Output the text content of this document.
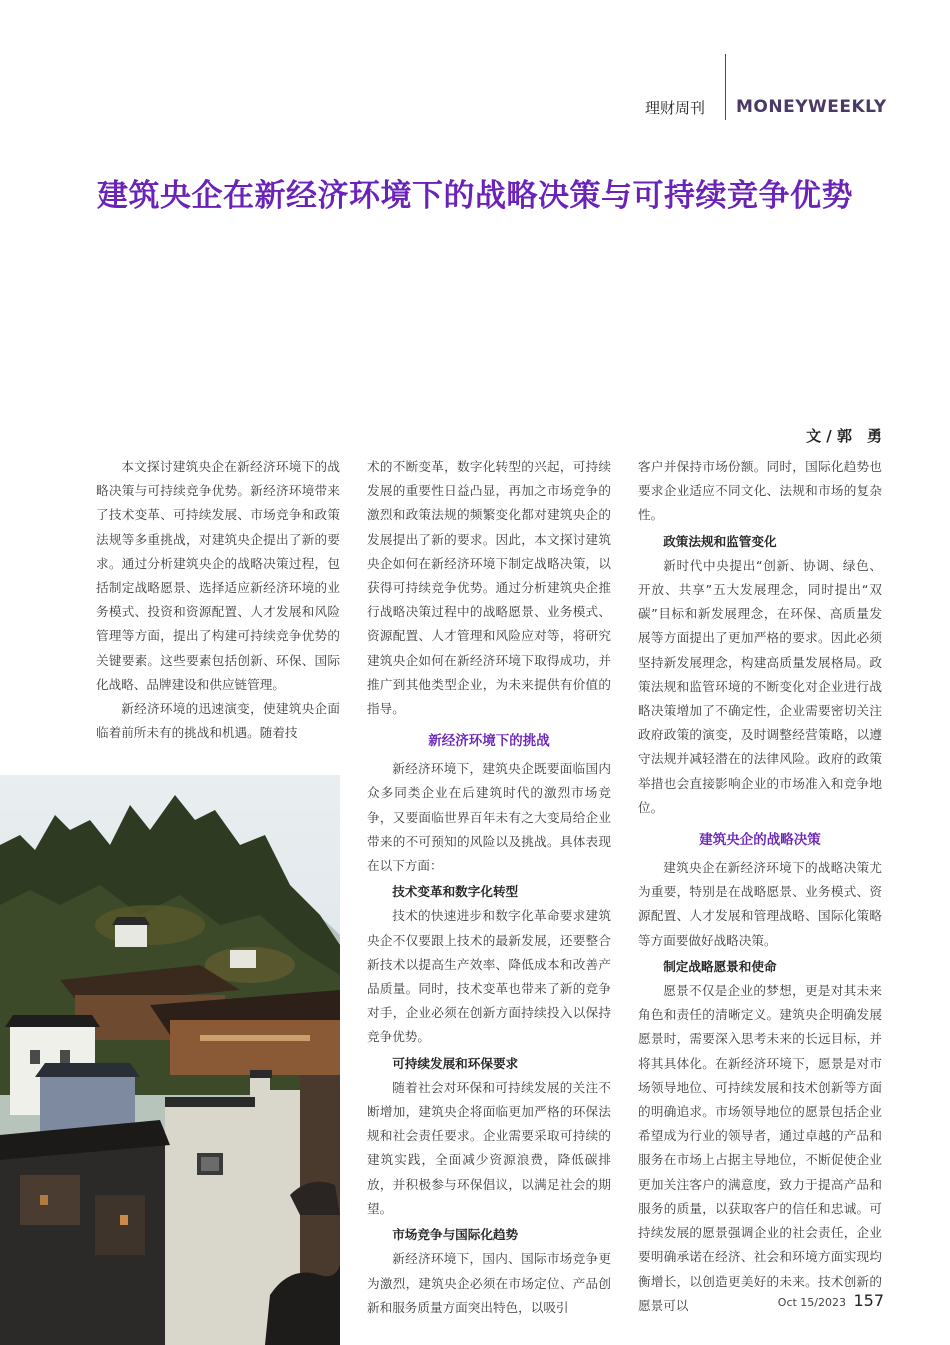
理财周刊 MONEYWEEKLY
建筑央企在新经济环境下的战略决策与可持续竞争优势
文 / 郭　勇

本文探讨建筑央企在新经济环境下的战略决策与可持续竞争优势。新经济环境带来了技术变革、可持续发展、市场竞争和政策法规等多重挑战，对建筑央企提出了新的要求。通过分析建筑央企的战略决策过程，包括制定战略愿景、选择适应新经济环境的业务模式、投资和资源配置、人才发展和风险管理等方面，提出了构建可持续竞争优势的关键要素。这些要素包括创新、环保、国际化战略、品牌建设和供应链管理。

新经济环境的迅速演变，使建筑央企面临着前所未有的挑战和机遇。随着技

术的不断变革，数字化转型的兴起，可持续发展的重要性日益凸显，再加之市场竞争的激烈和政策法规的频繁变化都对建筑央企的发展提出了新的要求。因此，本文探讨建筑央企如何在新经济环境下制定战略决策，以获得可持续竞争优势。通过分析建筑央企推行战略决策过程中的战略愿景、业务模式、资源配置、人才管理和风险应对等，将研究建筑央企如何在新经济环境下取得成功，并推广到其他类型企业，为未来提供有价值的指导。

新经济环境下的挑战

新经济环境下，建筑央企既要面临国内众多同类企业在后建筑时代的激烈市场竞争，又要面临世界百年未有之大变局给企业带来的不可预知的风险以及挑战。具体表现在以下方面：

技术变革和数字化转型

技术的快速进步和数字化革命要求建筑央企不仅要跟上技术的最新发展，还要整合新技术以提高生产效率、降低成本和改善产品质量。同时，技术变革也带来了新的竞争对手，企业必须在创新方面持续投入以保持竞争优势。

可持续发展和环保要求

随着社会对环保和可持续发展的关注不断增加，建筑央企将面临更加严格的环保法规和社会责任要求。企业需要采取可持续的建筑实践，全面减少资源浪费，降低碳排放，并积极参与环保倡议，以满足社会的期望。

市场竞争与国际化趋势

新经济环境下，国内、国际市场竞争更为激烈，建筑央企必须在市场定位、产品创新和服务质量方面突出特色，以吸引

客户并保持市场份额。同时，国际化趋势也要求企业适应不同文化、法规和市场的复杂性。

政策法规和监管变化

新时代中央提出“创新、协调、绿色、开放、共享”五大发展理念，同时提出“双碳”目标和新发展理念，在环保、高质量发展等方面提出了更加严格的要求。因此必须坚持新发展理念，构建高质量发展格局。政策法规和监管环境的不断变化对企业进行战略决策增加了不确定性，企业需要密切关注政府政策的演变，及时调整经营策略，以遵守法规并减轻潜在的法律风险。政府的政策举措也会直接影响企业的市场准入和竞争地位。

建筑央企的战略决策

建筑央企在新经济环境下的战略决策尤为重要，特别是在战略愿景、业务模式、资源配置、人才发展和管理战略、国际化策略等方面要做好战略决策。

制定战略愿景和使命

愿景不仅是企业的梦想，更是对其未来角色和责任的清晰定义。建筑央企明确发展愿景时，需要深入思考未来的长远目标，并将其具体化。在新经济环境下，愿景是对市场领导地位、可持续发展和技术创新等方面的明确追求。市场领导地位的愿景包括企业希望成为行业的领导者，通过卓越的产品和服务在市场上占据主导地位，不断促使企业更加关注客户的满意度，致力于提高产品和服务的质量，以获取客户的信任和忠诚。可持续发展的愿景强调企业的社会责任，企业要明确承诺在经济、社会和环境方面实现均衡增长，以创造更美好的未来。技术创新的愿景可以	Oct 15/2023 157
